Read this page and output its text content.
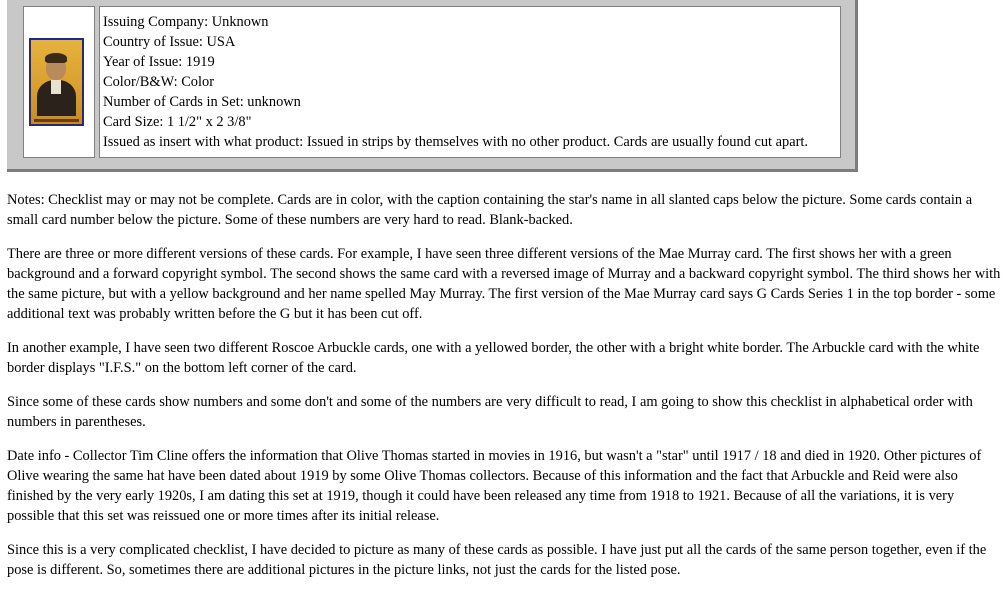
Issuing Company: Unknown
Country of Issue: USA
Year of Issue: 1919
Color/B&W: Color
Number of Cards in Set: unknown
Card Size: 1 1/2" x 2 3/8"
Issued as insert with what product: Issued in strips by themselves with no other product. Cards are usually found cut apart.

Notes: Checklist may or may not be complete. Cards are in color, with the caption containing the star's name in all slanted caps below the picture. Some cards contain a small card number below the picture. Some of these numbers are very hard to read. Blank-backed.

There are three or more different versions of these cards. For example, I have seen three different versions of the Mae Murray card. The first shows her with a green background and a forward copyright symbol. The second shows the same card with a reversed image of Murray and a backward copyright symbol. The third shows her with the same picture, but with a yellow background and her name spelled May Murray. The first version of the Mae Murray card says G Cards Series 1 in the top border - some additional text was probably written before the G but it has been cut off.

In another example, I have seen two different Roscoe Arbuckle cards, one with a yellowed border, the other with a bright white border. The Arbuckle card with the white border displays "I.F.S." on the bottom left corner of the card.

Since some of these cards show numbers and some don't and some of the numbers are very difficult to read, I am going to show this checklist in alphabetical order with numbers in parentheses.

Date info - Collector Tim Cline offers the information that Olive Thomas started in movies in 1916, but wasn't a "star" until 1917 / 18 and died in 1920. Other pictures of Olive wearing the same hat have been dated about 1919 by some Olive Thomas collectors. Because of this information and the fact that Arbuckle and Reid were also finished by the very early 1920s, I am dating this set at 1919, though it could have been released any time from 1918 to 1921. Because of all the variations, it is very possible that this set was reissued one or more times after its initial release.

Since this is a very complicated checklist, I have decided to picture as many of these cards as possible. I have just put all the cards of the same person together, even if the pose is different. So, sometimes there are additional pictures in the picture links, not just the cards for the listed pose.
